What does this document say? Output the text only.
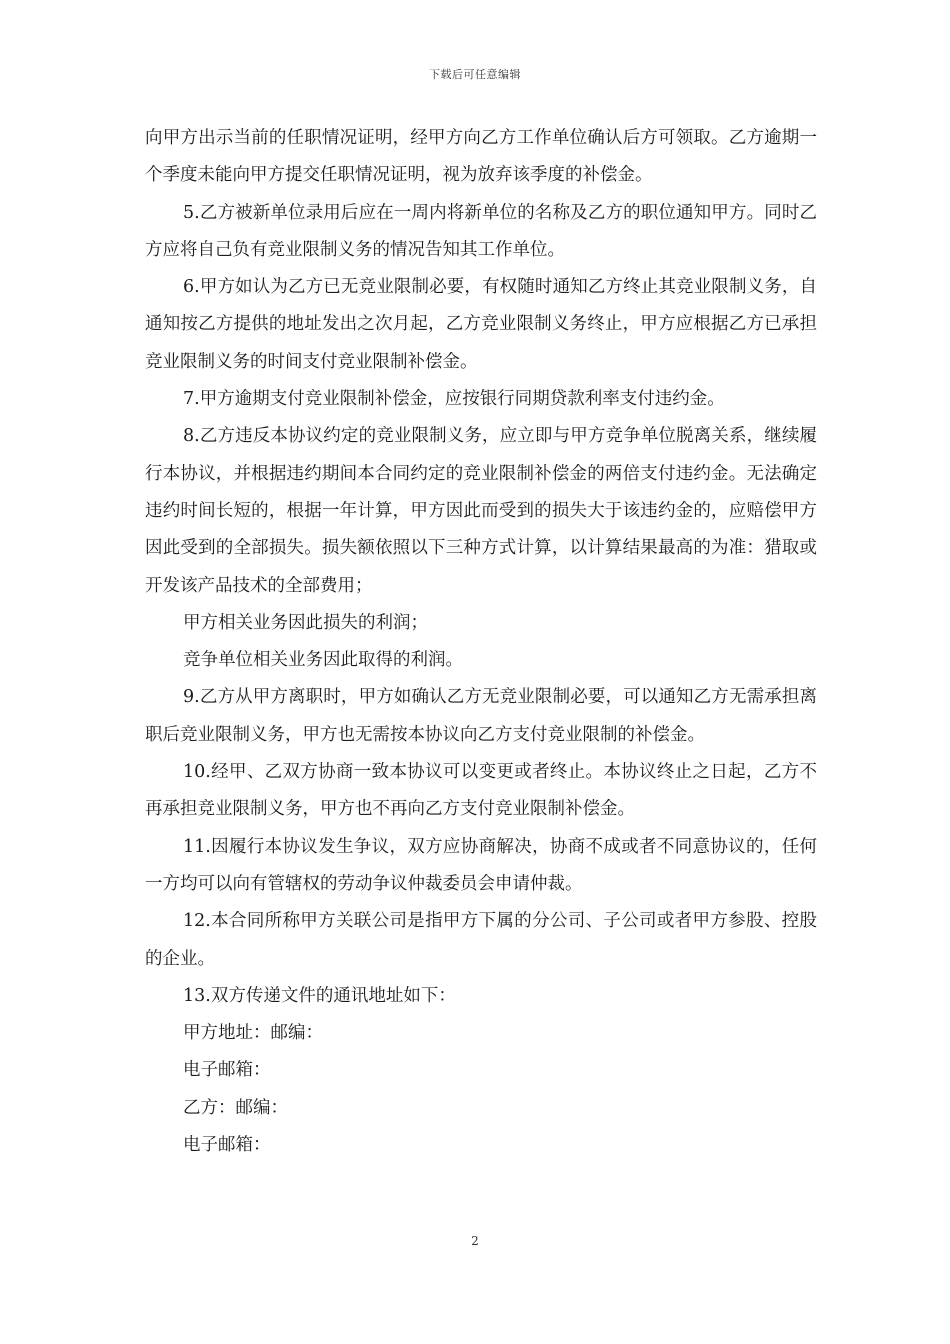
下载后可任意编辑

向甲方出示当前的任职情况证明，经甲方向乙方工作单位确认后方可领取。乙方逾期一个季度未能向甲方提交任职情况证明，视为放弃该季度的补偿金。

5.乙方被新单位录用后应在一周内将新单位的名称及乙方的职位通知甲方。同时乙方应将自己负有竞业限制义务的情况告知其工作单位。

6.甲方如认为乙方已无竞业限制必要，有权随时通知乙方终止其竞业限制义务，自通知按乙方提供的地址发出之次月起，乙方竞业限制义务终止，甲方应根据乙方已承担竞业限制义务的时间支付竞业限制补偿金。

7.甲方逾期支付竞业限制补偿金，应按银行同期贷款利率支付违约金。

8.乙方违反本协议约定的竞业限制义务，应立即与甲方竞争单位脱离关系，继续履行本协议，并根据违约期间本合同约定的竞业限制补偿金的两倍支付违约金。无法确定违约时间长短的，根据一年计算，甲方因此而受到的损失大于该违约金的，应赔偿甲方因此受到的全部损失。损失额依照以下三种方式计算，以计算结果最高的为准：猎取或开发该产品技术的全部费用；

甲方相关业务因此损失的利润；

竞争单位相关业务因此取得的利润。

9.乙方从甲方离职时，甲方如确认乙方无竞业限制必要，可以通知乙方无需承担离职后竞业限制义务，甲方也无需按本协议向乙方支付竞业限制的补偿金。

10.经甲、乙双方协商一致本协议可以变更或者终止。本协议终止之日起，乙方不再承担竞业限制义务，甲方也不再向乙方支付竞业限制补偿金。

11.因履行本协议发生争议，双方应协商解决，协商不成或者不同意协议的，任何一方均可以向有管辖权的劳动争议仲裁委员会申请仲裁。

12.本合同所称甲方关联公司是指甲方下属的分公司、子公司或者甲方参股、控股的企业。

13.双方传递文件的通讯地址如下：

甲方地址：邮编：

电子邮箱：

乙方：邮编：

电子邮箱：

2
